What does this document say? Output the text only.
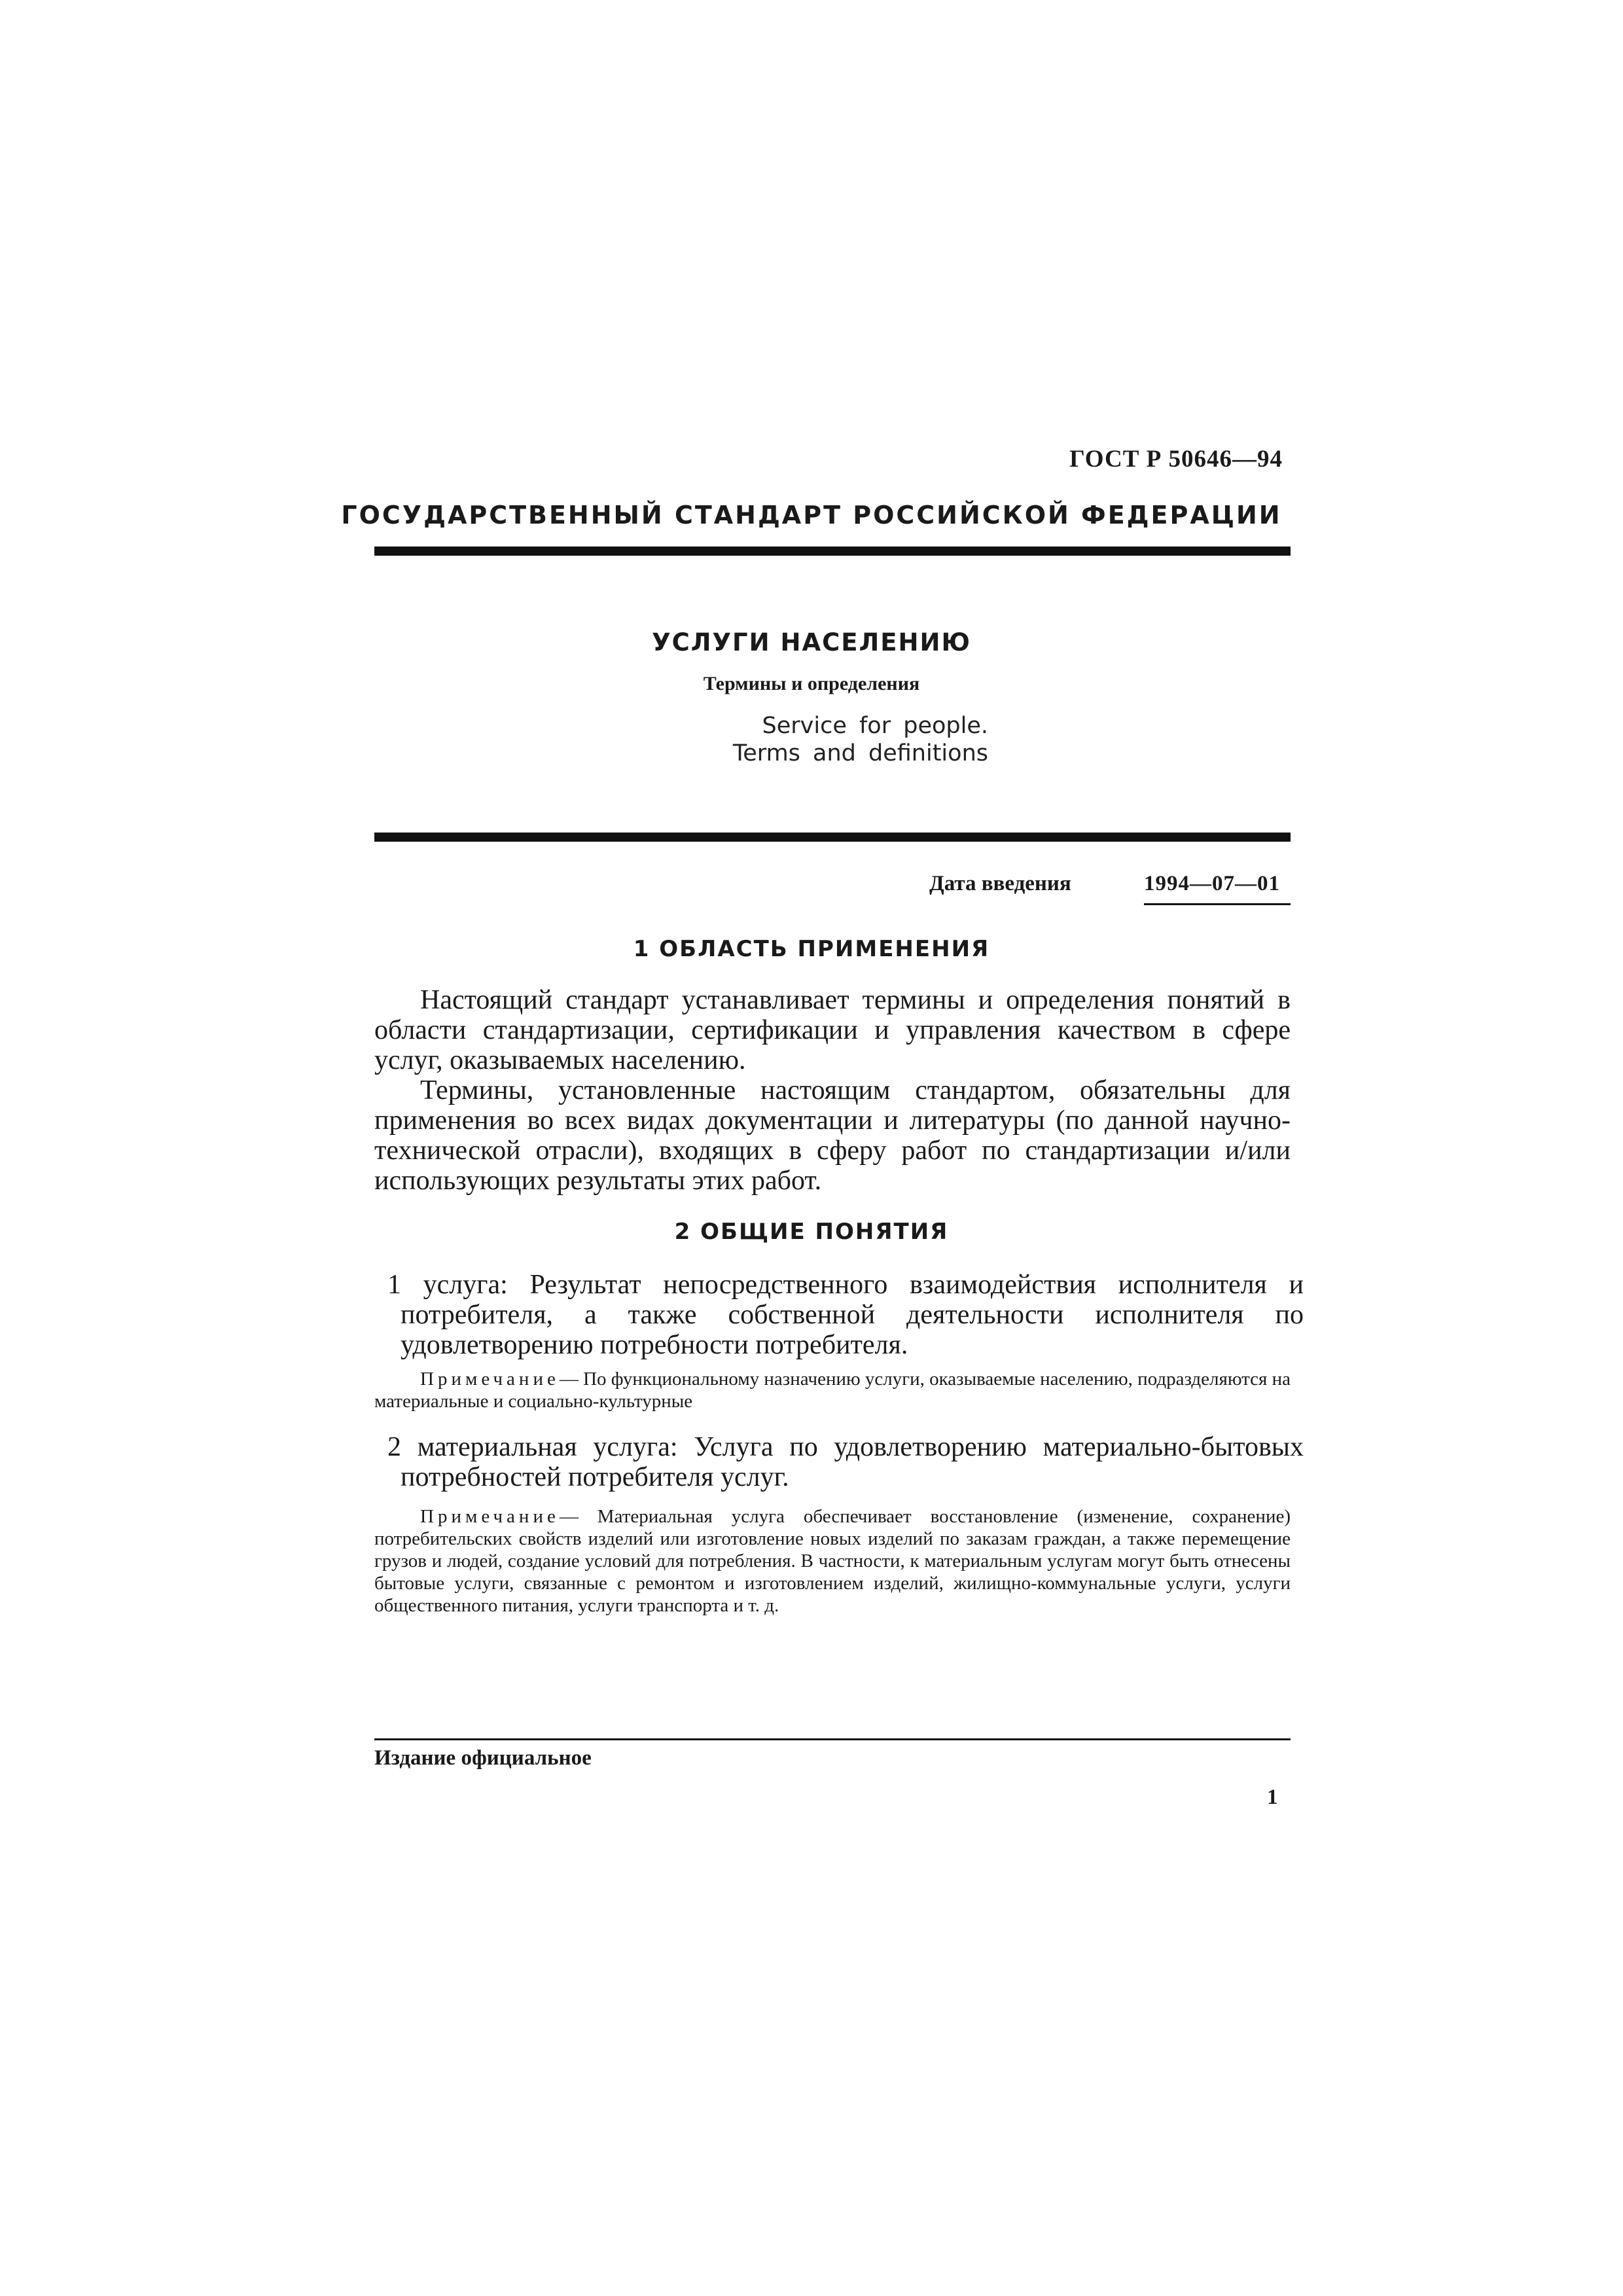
ГОСТ Р 50646—94
ГОСУДАРСТВЕННЫЙ СТАНДАРТ РОССИЙСКОЙ ФЕДЕРАЦИИ
УСЛУГИ НАСЕЛЕНИЮ
Термины и определения
Service for people.
Terms and definitions
Дата введения	1994—07—01
1 ОБЛАСТЬ ПРИМЕНЕНИЯ

Настоящий стандарт устанавливает термины и определения понятий в области стандартизации, сертификации и управления качеством в сфере услуг, оказываемых населению.

Термины, установленные настоящим стандартом, обязательны для применения во всех видах документации и литературы (по данной научно-технической отрасли), входящих в сферу работ по стандартизации и/или использующих результаты этих работ.

2 ОБЩИЕ ПОНЯТИЯ
1 услуга: Результат непосредственного взаимодействия исполнителя и потребителя, а также собственной деятельности исполнителя по удовлетворению потребности потребителя.

Примечание— По функциональному назначению услуги, оказываемые населению, подразделяются на материальные и социально-культурные

2 материальная услуга: Услуга по удовлетворению материально-бытовых потребностей потребителя услуг.

Примечание— Материальная услуга обеспечивает восстановление (изменение, сохранение) потребительских свойств изделий или изготовление новых изделий по заказам граждан, а также перемещение грузов и людей, создание условий для потребления. В частности, к материальным услугам могут быть отнесены бытовые услуги, связанные с ремонтом и изготовлением изделий, жилищно-коммунальные услуги, услуги общественного питания, услуги транспорта и т. д.

Издание официальное
1
